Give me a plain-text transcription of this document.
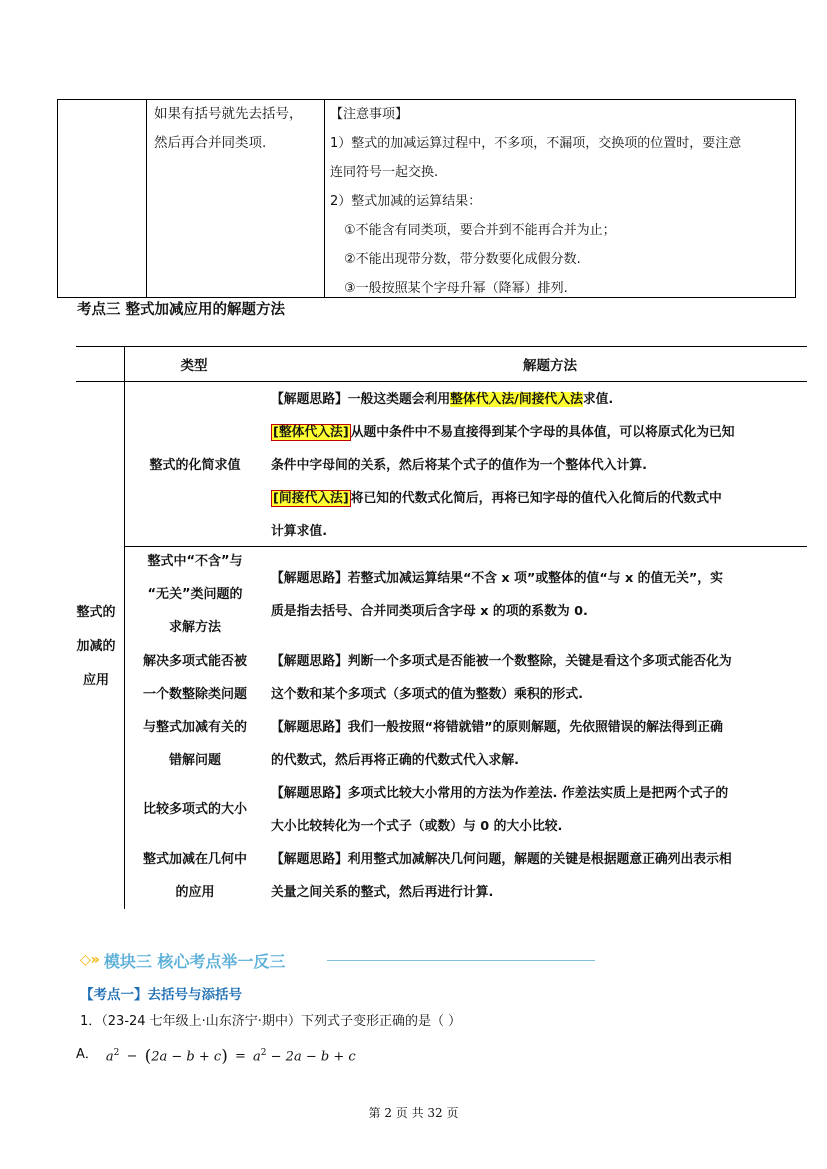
如果有括号就先去括号，
然后再合并同类项.
【注意事项】
1）整式的加减运算过程中，不多项，不漏项，交换项的位置时，要注意
连同符号一起交换.
2）整式加减的运算结果：
①不能含有同类项，要合并到不能再合并为止；
②不能出现带分数，带分数要化成假分数.
③一般按照某个字母升幂（降幂）排列.
考点三 整式加减应用的解题方法
类型	解题方法
整式的
加减的
应用
整式的化简求值
【解题思路】一般这类题会利用整体代入法/间接代入法求值.
[整体代入法] 从题中条件中不易直接得到某个字母的具体值，可以将原式化为已知
条件中字母间的关系，然后将某个式子的值作为一个整体代入计算.
[间接代入法] 将已知的代数式化简后，再将已知字母的值代入化简后的代数式中
计算求值.
整式中“不含”与
“无关”类问题的
求解方法
【解题思路】若整式加减运算结果“不含 x 项”或整体的值“与 x 的值无关”，实
质是指去括号、合并同类项后含字母 x 的项的系数为 0.
解决多项式能否被
一个数整除类问题
【解题思路】判断一个多项式是否能被一个数整除，关键是看这个多项式能否化为
这个数和某个多项式（多项式的值为整数）乘积的形式.
与整式加减有关的
错解问题
【解题思路】我们一般按照“将错就错”的原则解题，先依照错误的解法得到正确
的代数式，然后再将正确的代数式代入求解.
比较多项式的大小
【解题思路】多项式比较大小常用的方法为作差法. 作差法实质上是把两个式子的
大小比较转化为一个式子（或数）与 0 的大小比较.
整式加减在几何中
的应用
【解题思路】利用整式加减解决几何问题，解题的关键是根据题意正确列出表示相
关量之间关系的整式，然后再进行计算.
◇» 模块三 核心考点举一反三
【考点一】去括号与添括号
1．（23-24 七年级上·山东济宁·期中）下列式子变形正确的是（ ）
A． $a^2 - (2a - b + c) = a^2 - 2a - b + c$
第 2 页 共 32 页
